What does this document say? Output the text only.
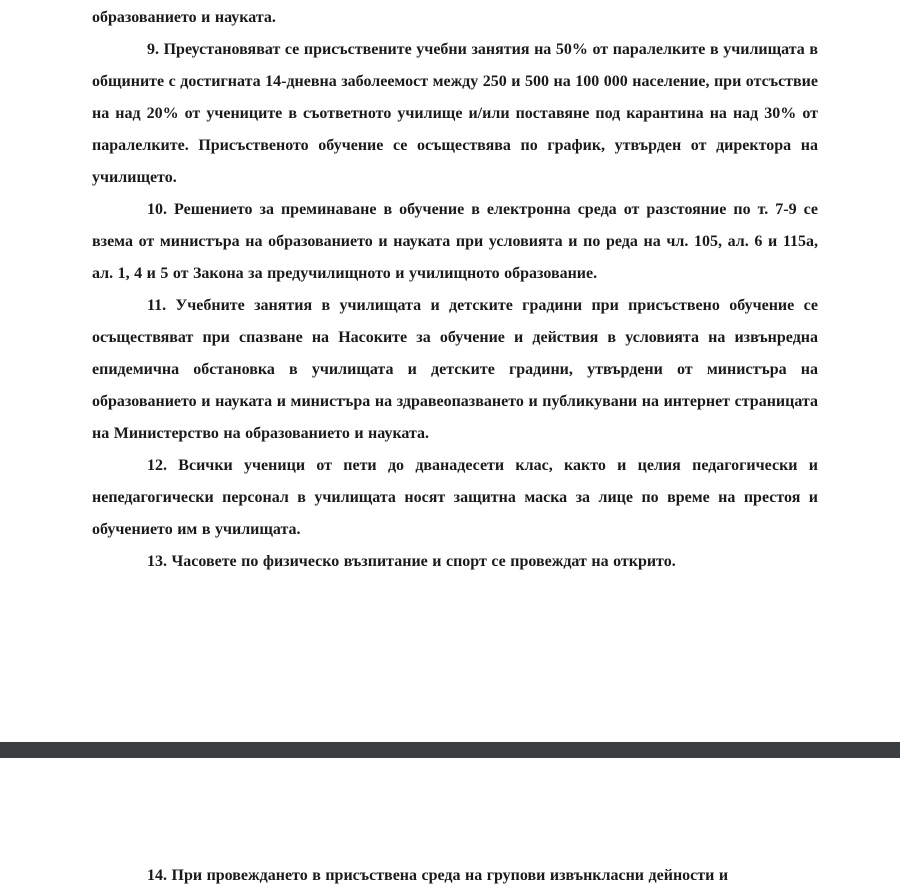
образованието и науката.

9. Преустановяват се присъствените учебни занятия на 50% от паралелките в училищата в общините с достигната 14-дневна заболеемост между 250 и 500 на 100 000 население, при отсъствие на над 20% от учениците в съответното училище и/или поставяне под карантина на над 30% от паралелките. Присъственото обучение се осъществява по график, утвърден от директора на училището.

10. Решението за преминаване в обучение в електронна среда от разстояние по т. 7-9 се взема от министъра на образованието и науката при условията и по реда на чл. 105, ал. 6 и 115а, ал. 1, 4 и 5 от Закона за предучилищното и училищното образование.

11. Учебните занятия в училищата и детските градини при присъствено обучение се осъществяват при спазване на Насоките за обучение и действия в условията на извънредна епидемична обстановка в училищата и детските градини, утвърдени от министъра на образованието и науката и министъра на здравеопазването и публикувани на интернет страницата на Министерство на образованието и науката.

12. Всички ученици от пети до дванадесети клас, както и целия педагогически и непедагогически персонал в училищата носят защитна маска за лице по време на престоя и обучението им в училищата.

13. Часовете по физическо възпитание и спорт се провеждат на открито.

14. При провеждането в присъствена среда на групови извънкласни дейности и
